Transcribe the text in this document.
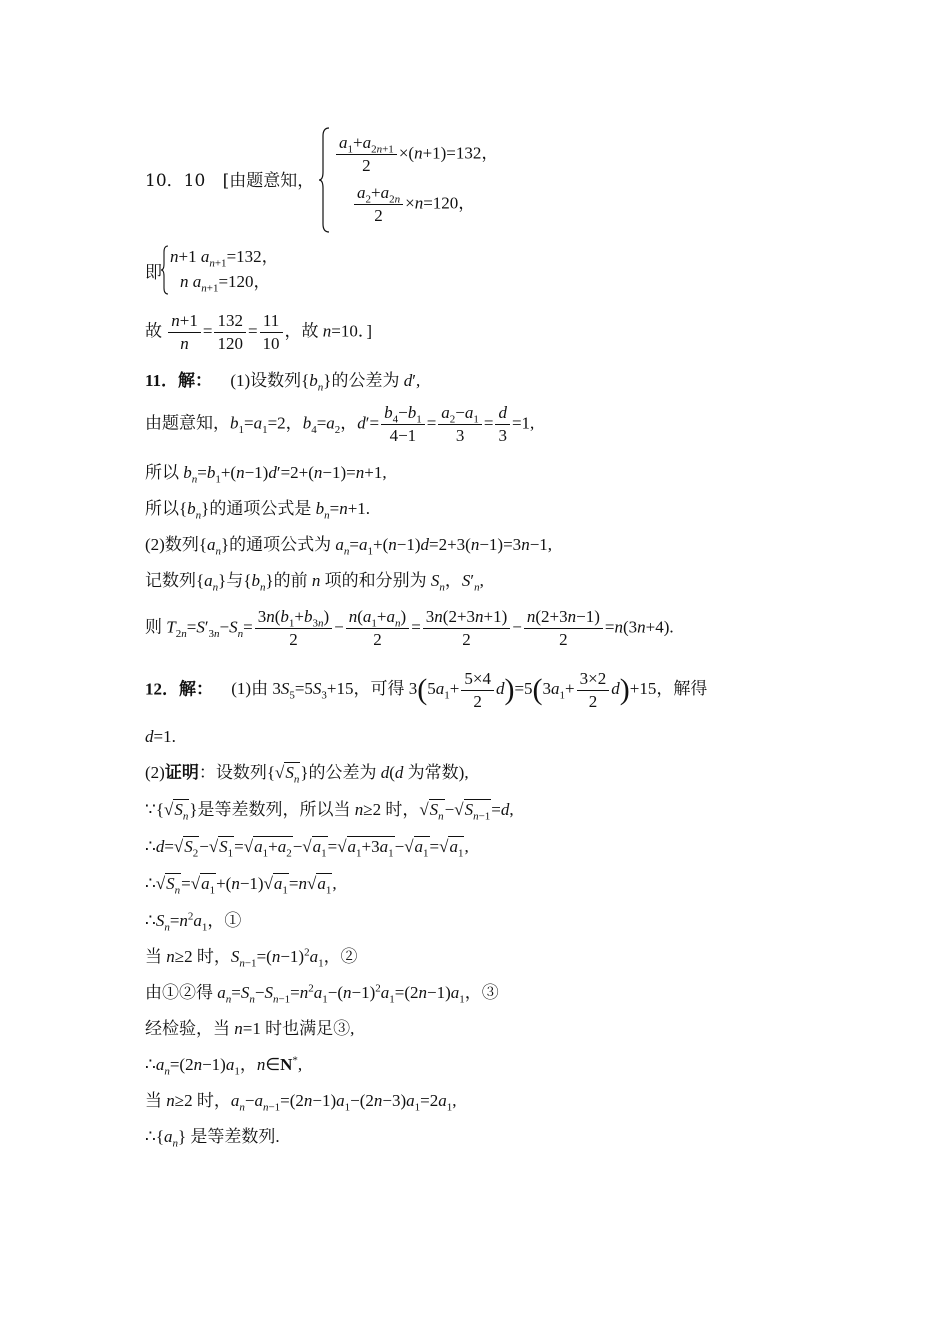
10．10 [由题意知，
$\frac{a_1+a_{2n+1}}{2} \times(n+1)=132$，
$\frac{a_2+a_{2n}}{2} \times n=120$，
即
n+1 $a_{n+1}=132$，
n $a_{n+1}=120$，
故 $\frac{n+1}{n} = \frac{132}{120} = \frac{11}{10}$ ，故 n=10．]
11．解： (1)设数列$\{b_n\}$的公差为 d′,
由题意知，$b_1=a_1=2$，$b_4=a_2$，$d'= \frac{b_4-b_1}{4-1} = \frac{a_2-a_1}{3} = \frac{d}{3} =1$,
所以 $b_n=b_1+(n-1)d'=2+(n-1)=n+1$,
所以$\{b_n\}$的通项公式是 $b_n=n+1$.
(2)数列$\{a_n\}$的通项公式为 $a_n=a_1+(n-1)d=2+3(n-1)=3n-1$,
记数列$\{a_n\}$与$\{b_n\}$的前 n 项的和分别为 $S_n$，$S'_n$,
则 $T_{2n}=S'_{3n}-S_n= \frac{3n(b_1+b_{3n})}{2} - \frac{n(a_1+a_n)}{2} = \frac{3n(2+3n+1)}{2} - \frac{n(2+3n-1)}{2} =n(3n+4)$.
12．解： (1)由 $3S_5=5S_3+15$，可得 $3(5a_1+ \frac{5\times 4}{2} d)=5(3a_1+ \frac{3\times 2}{2} d)+15$，解得
d=1.
(2)证明：设数列$\{√S_n\}$的公差为 d(d 为常数),
$\because\{√S_n\}$是等差数列，所以当 n≥2 时，$√S_n-√S_{n-1}=d$,
$\therefore d=√S_2-√S_1=√a_1+a_2-√a_1=√a_1+3a_1-√a_1=√a_1$,
$\therefore√S_n=√a_1+(n-1)√a_1=n√a_1$,
$\therefore S_n=n^2a_1$，①
当 n≥2 时，$S_{n-1}=(n-1)^2a_1$，②
由①②得 $a_n=S_n-S_{n-1}=n^2a_1-(n-1)^2a_1=(2n-1)a_1$，③
经检验，当 n=1 时也满足③,
$\therefore a_n=(2n-1)a_1$，n∈N*,
当 n≥2 时，$a_n-a_{n-1}=(2n-1)a_1-(2n-3)a_1=2a_1$,
$\therefore\{a_n\}$ 是等差数列.
